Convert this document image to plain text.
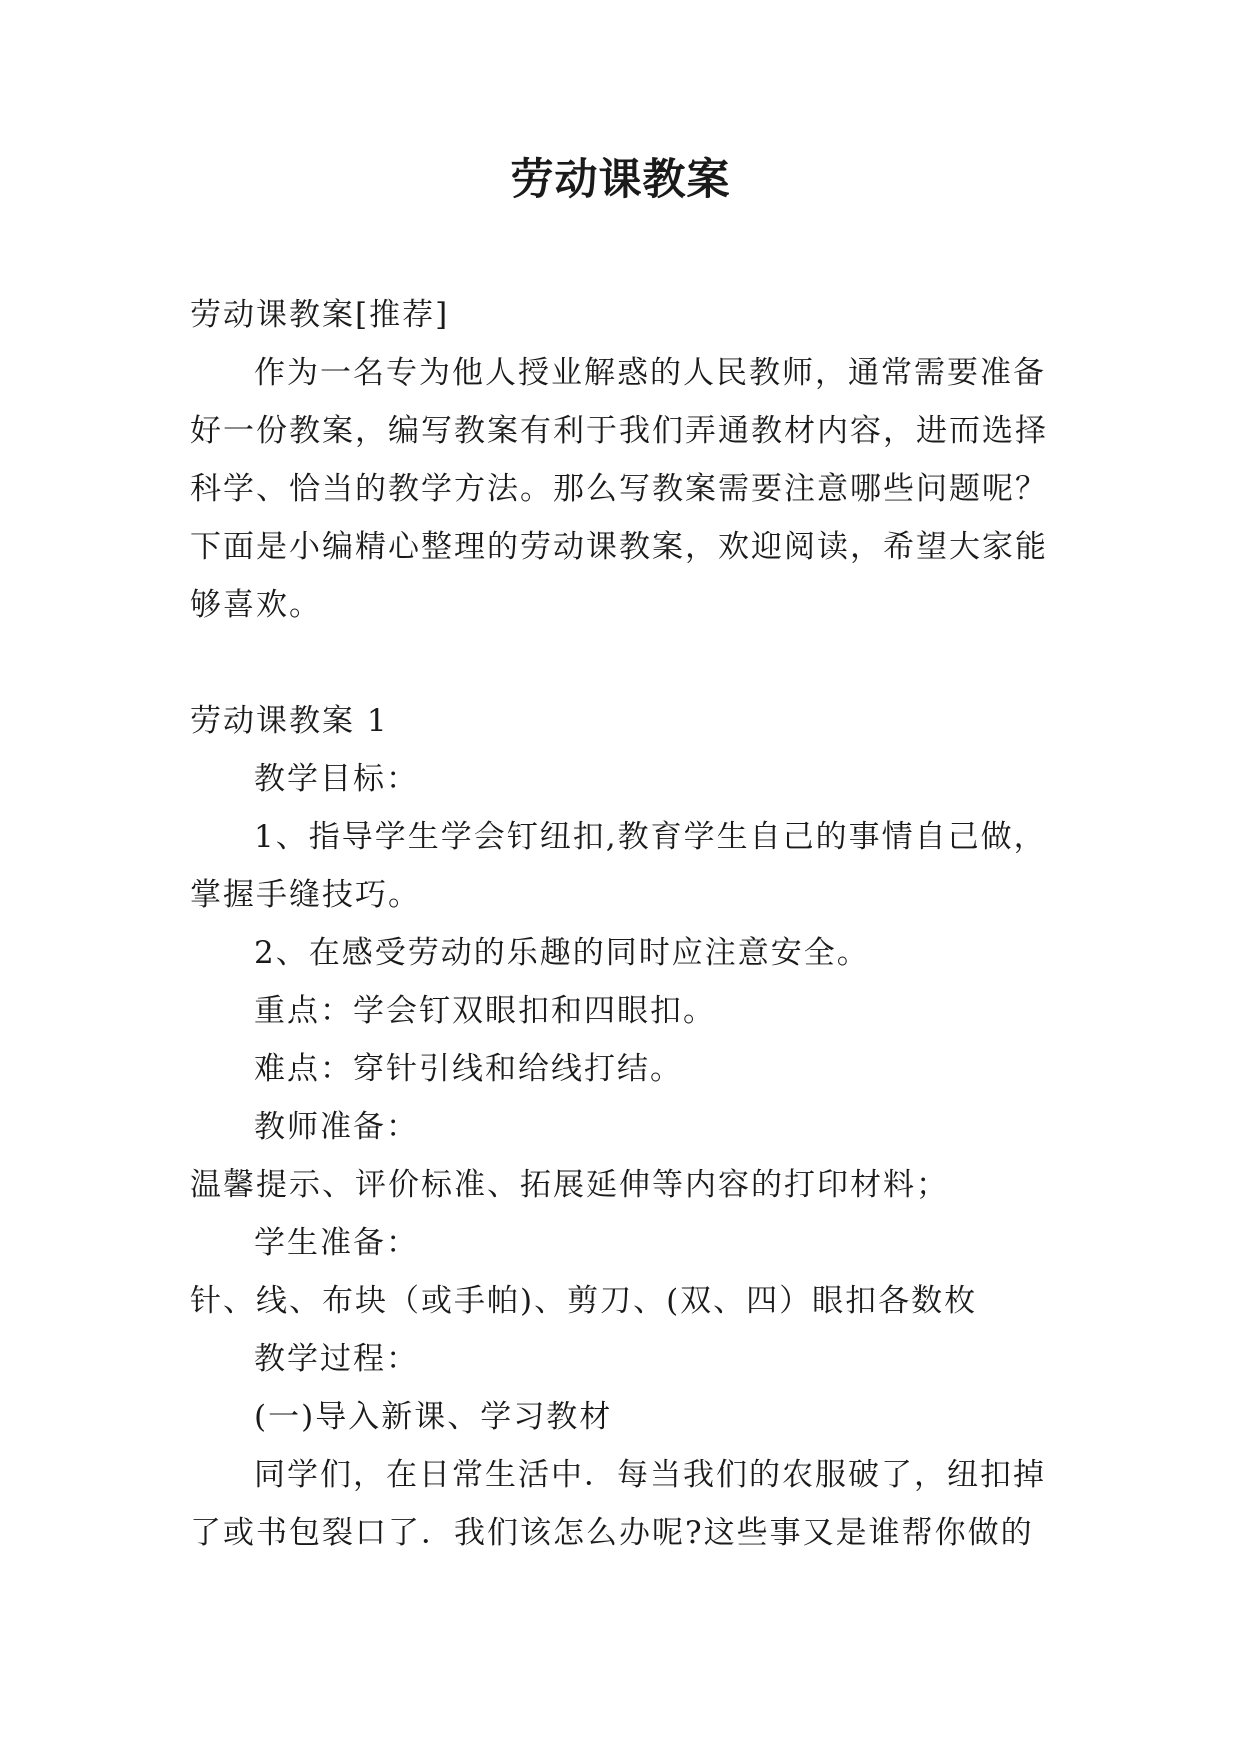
劳动课教案

劳动课教案[推荐]

作为一名专为他人授业解惑的人民教师，通常需要准备

好一份教案，编写教案有利于我们弄通教材内容，进而选择

科学、恰当的教学方法。那么写教案需要注意哪些问题呢？

下面是小编精心整理的劳动课教案，欢迎阅读，希望大家能

够喜欢。

劳动课教案 1

教学目标：

1、指导学生学会钉纽扣,教育学生自己的事情自己做，

掌握手缝技巧。

2、在感受劳动的乐趣的同时应注意安全。

重点：学会钉双眼扣和四眼扣。

难点：穿针引线和给线打结。

教师准备：

温馨提示、评价标准、拓展延伸等内容的打印材料；

学生准备：

针、线、布块（或手帕)、剪刀、(双、四）眼扣各数枚

教学过程：

(一)导入新课、学习教材

同学们，在日常生活中．每当我们的农服破了，纽扣掉

了或书包裂口了．我们该怎么办呢?这些事又是谁帮你做的
